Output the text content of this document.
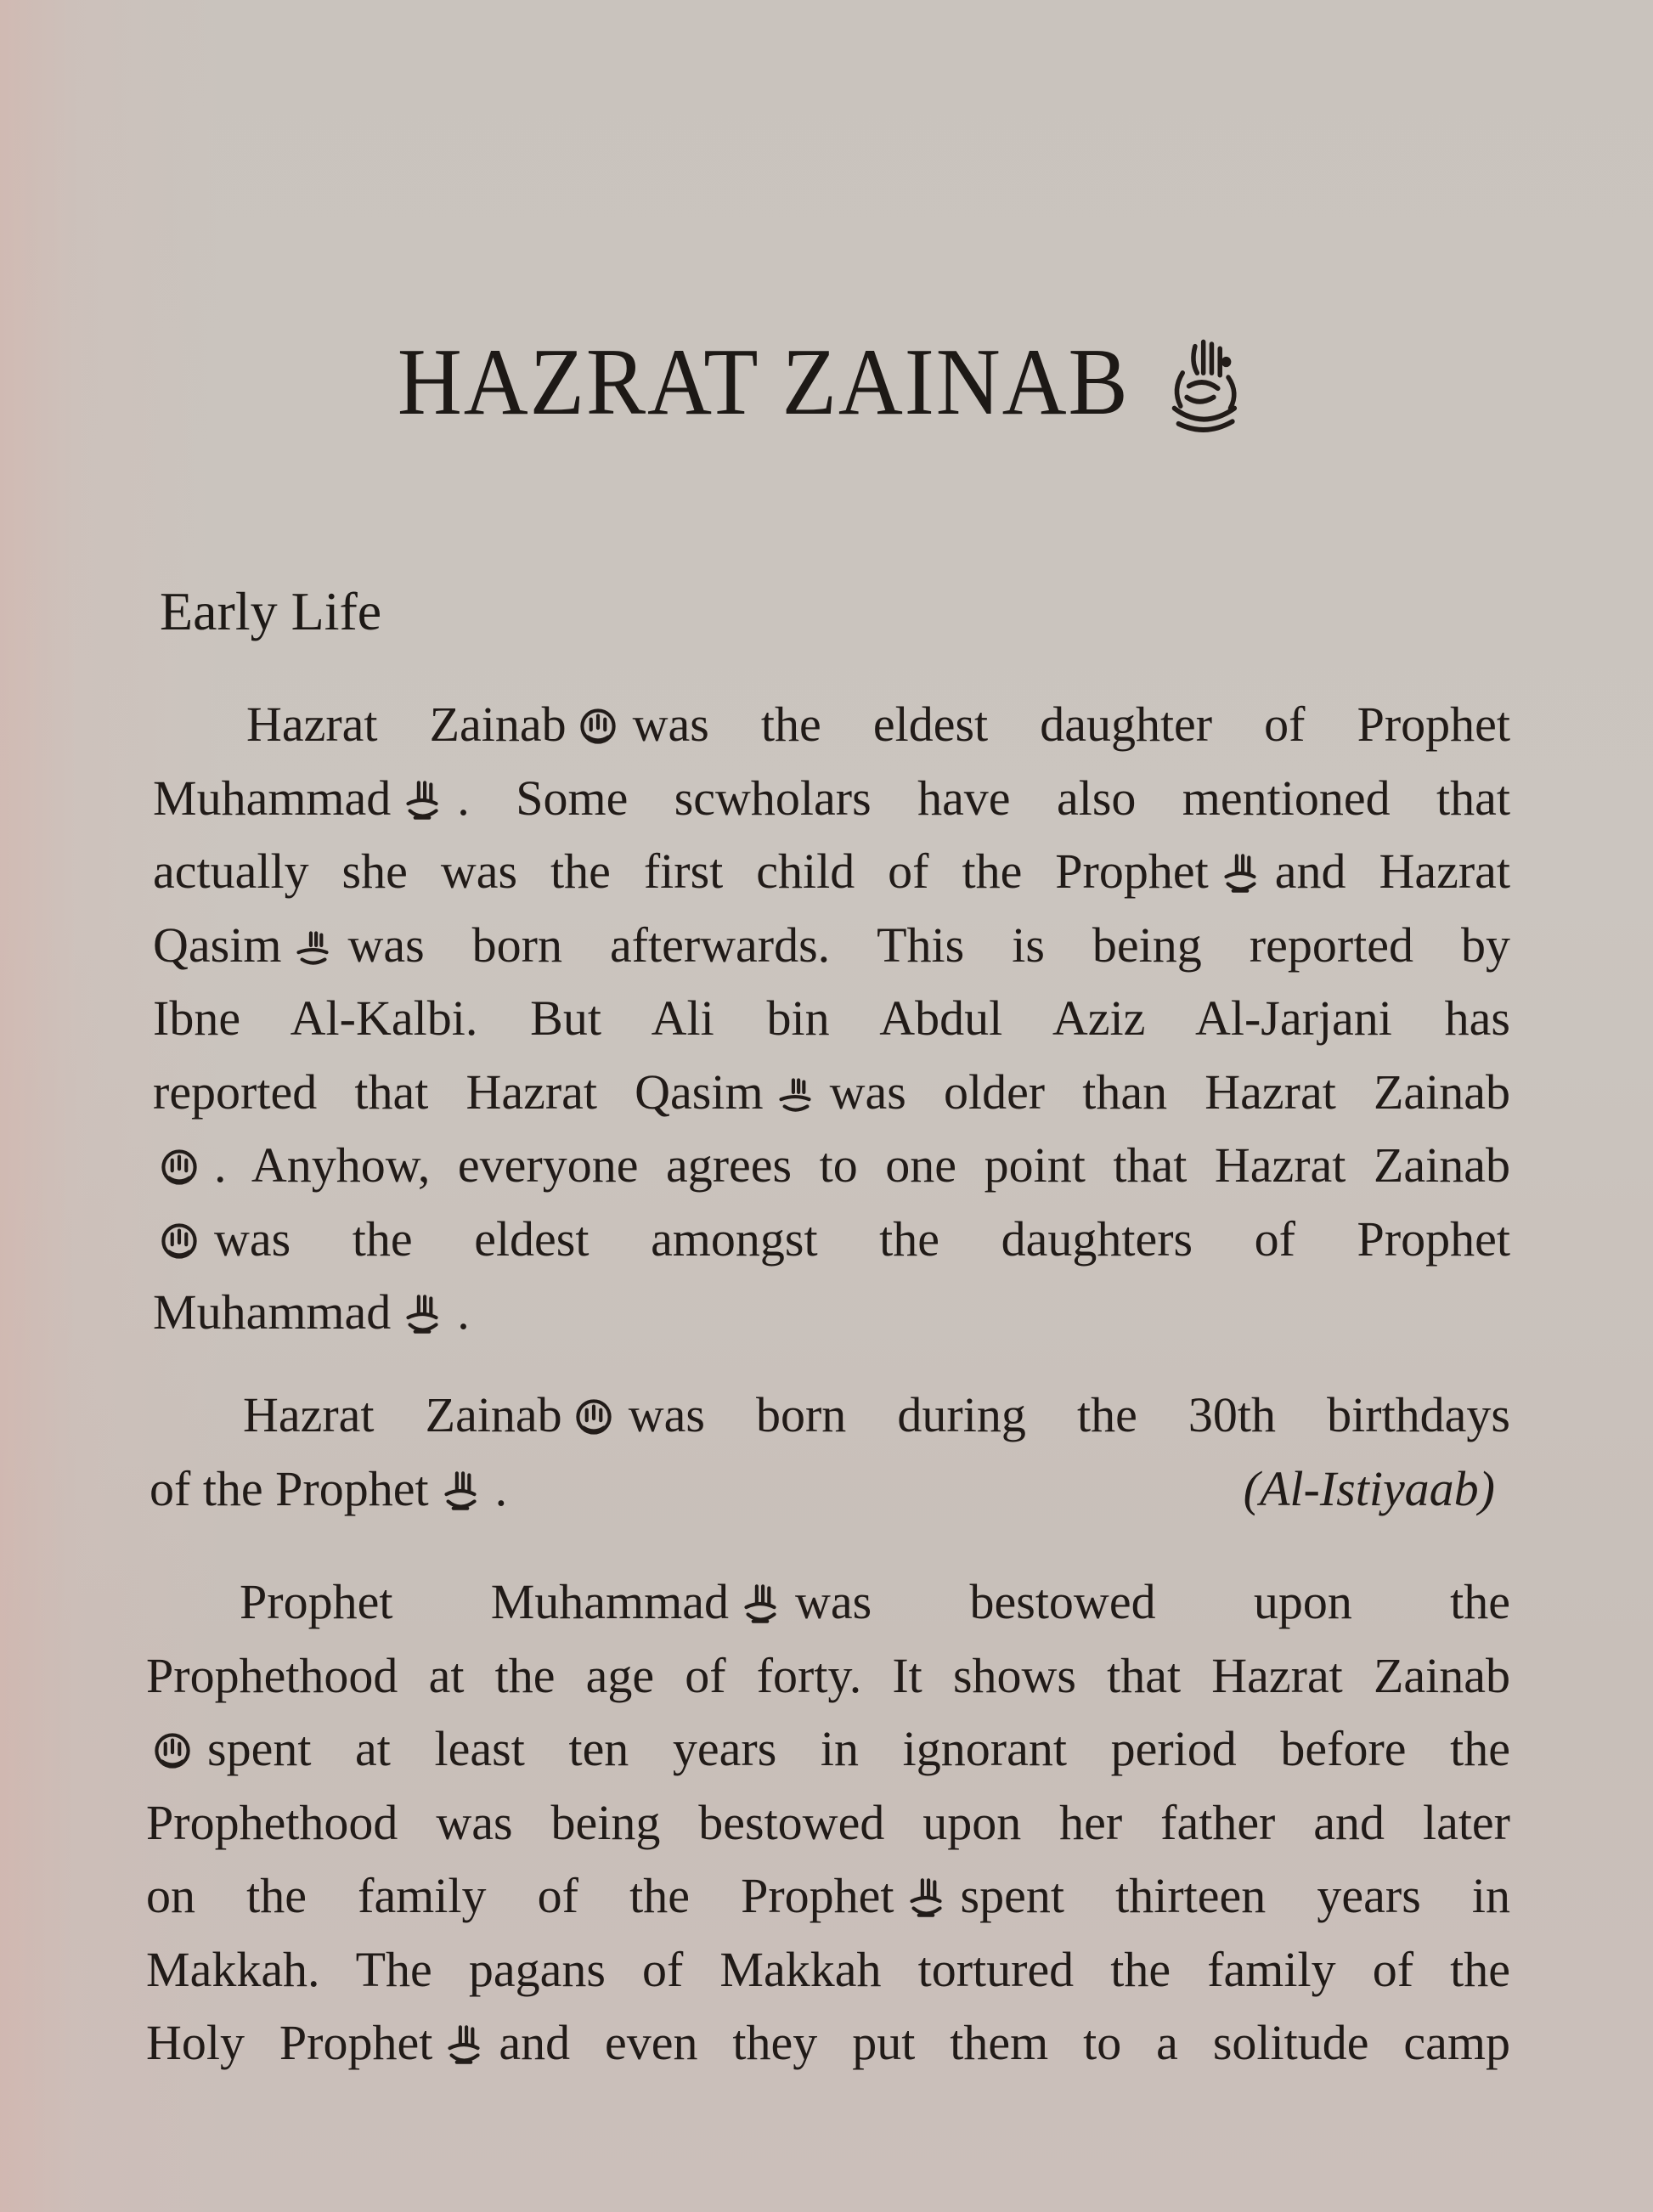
HAZRAT ZAINAB
Early Life
Hazrat Zainab was the eldest daughter of Prophet
Muhammad . Some scwholars have also mentioned that
actually she was the first child of the Prophet and Hazrat
Qasim was born afterwards. This is being reported by
Ibne Al-Kalbi. But Ali bin Abdul Aziz Al-Jarjani has
reported that Hazrat Qasim was older than Hazrat Zainab
. Anyhow, everyone agrees to one point that Hazrat Zainab
was the eldest amongst the daughters of Prophet
Muhammad .
Hazrat Zainab was born during the 30th birthdays
of the Prophet .	(Al-Istiyaab)
Prophet Muhammad was bestowed upon the
Prophethood at the age of forty. It shows that Hazrat Zainab
spent at least ten years in ignorant period before the
Prophethood was being bestowed upon her father and later
on the family of the Prophet spent thirteen years in
Makkah. The pagans of Makkah tortured the family of the
Holy Prophet and even they put them to a solitude camp
